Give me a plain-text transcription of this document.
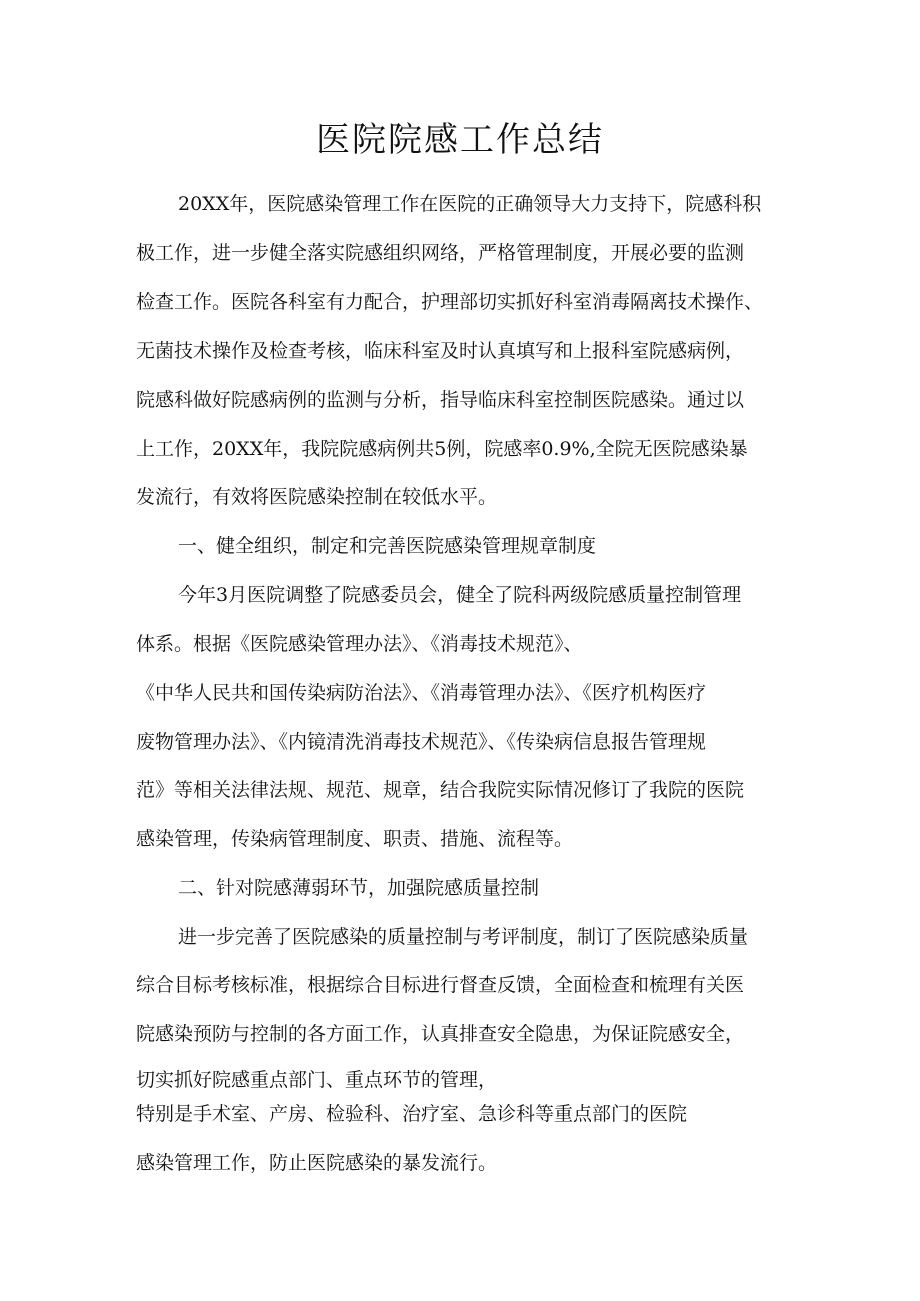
医院院感工作总结

20XX年，医院感染管理工作在医院的正确领导大力支持下，院感科积

极工作，进一步健全落实院感组织网络，严格管理制度，开展必要的监测

检查工作。医院各科室有力配合，护理部切实抓好科室消毒隔离技术操作、

无菌技术操作及检查考核，临床科室及时认真填写和上报科室院感病例，

院感科做好院感病例的监测与分析，指导临床科室控制医院感染。通过以

上工作，20XX年，我院院感病例共5例，院感率0.9%,全院无医院感染暴

发流行，有效将医院感染控制在较低水平。

一、健全组织，制定和完善医院感染管理规章制度

今年3月医院调整了院感委员会，健全了院科两级院感质量控制管理

体系。根据《医院感染管理办法》、《消毒技术规范》、

《中华人民共和国传染病防治法》、《消毒管理办法》、《医疗机构医疗

废物管理办法》、《内镜清洗消毒技术规范》、《传染病信息报告管理规

范》等相关法律法规、规范、规章，结合我院实际情况修订了我院的医院

感染管理，传染病管理制度、职责、措施、流程等。

二、针对院感薄弱环节，加强院感质量控制

进一步完善了医院感染的质量控制与考评制度，制订了医院感染质量

综合目标考核标准，根据综合目标进行督查反馈，全面检查和梳理有关医

院感染预防与控制的各方面工作，认真排查安全隐患，为保证院感安全，

切实抓好院感重点部门、重点环节的管理，

特别是手术室、产房、检验科、治疗室、急诊科等重点部门的医院

感染管理工作，防止医院感染的暴发流行。
